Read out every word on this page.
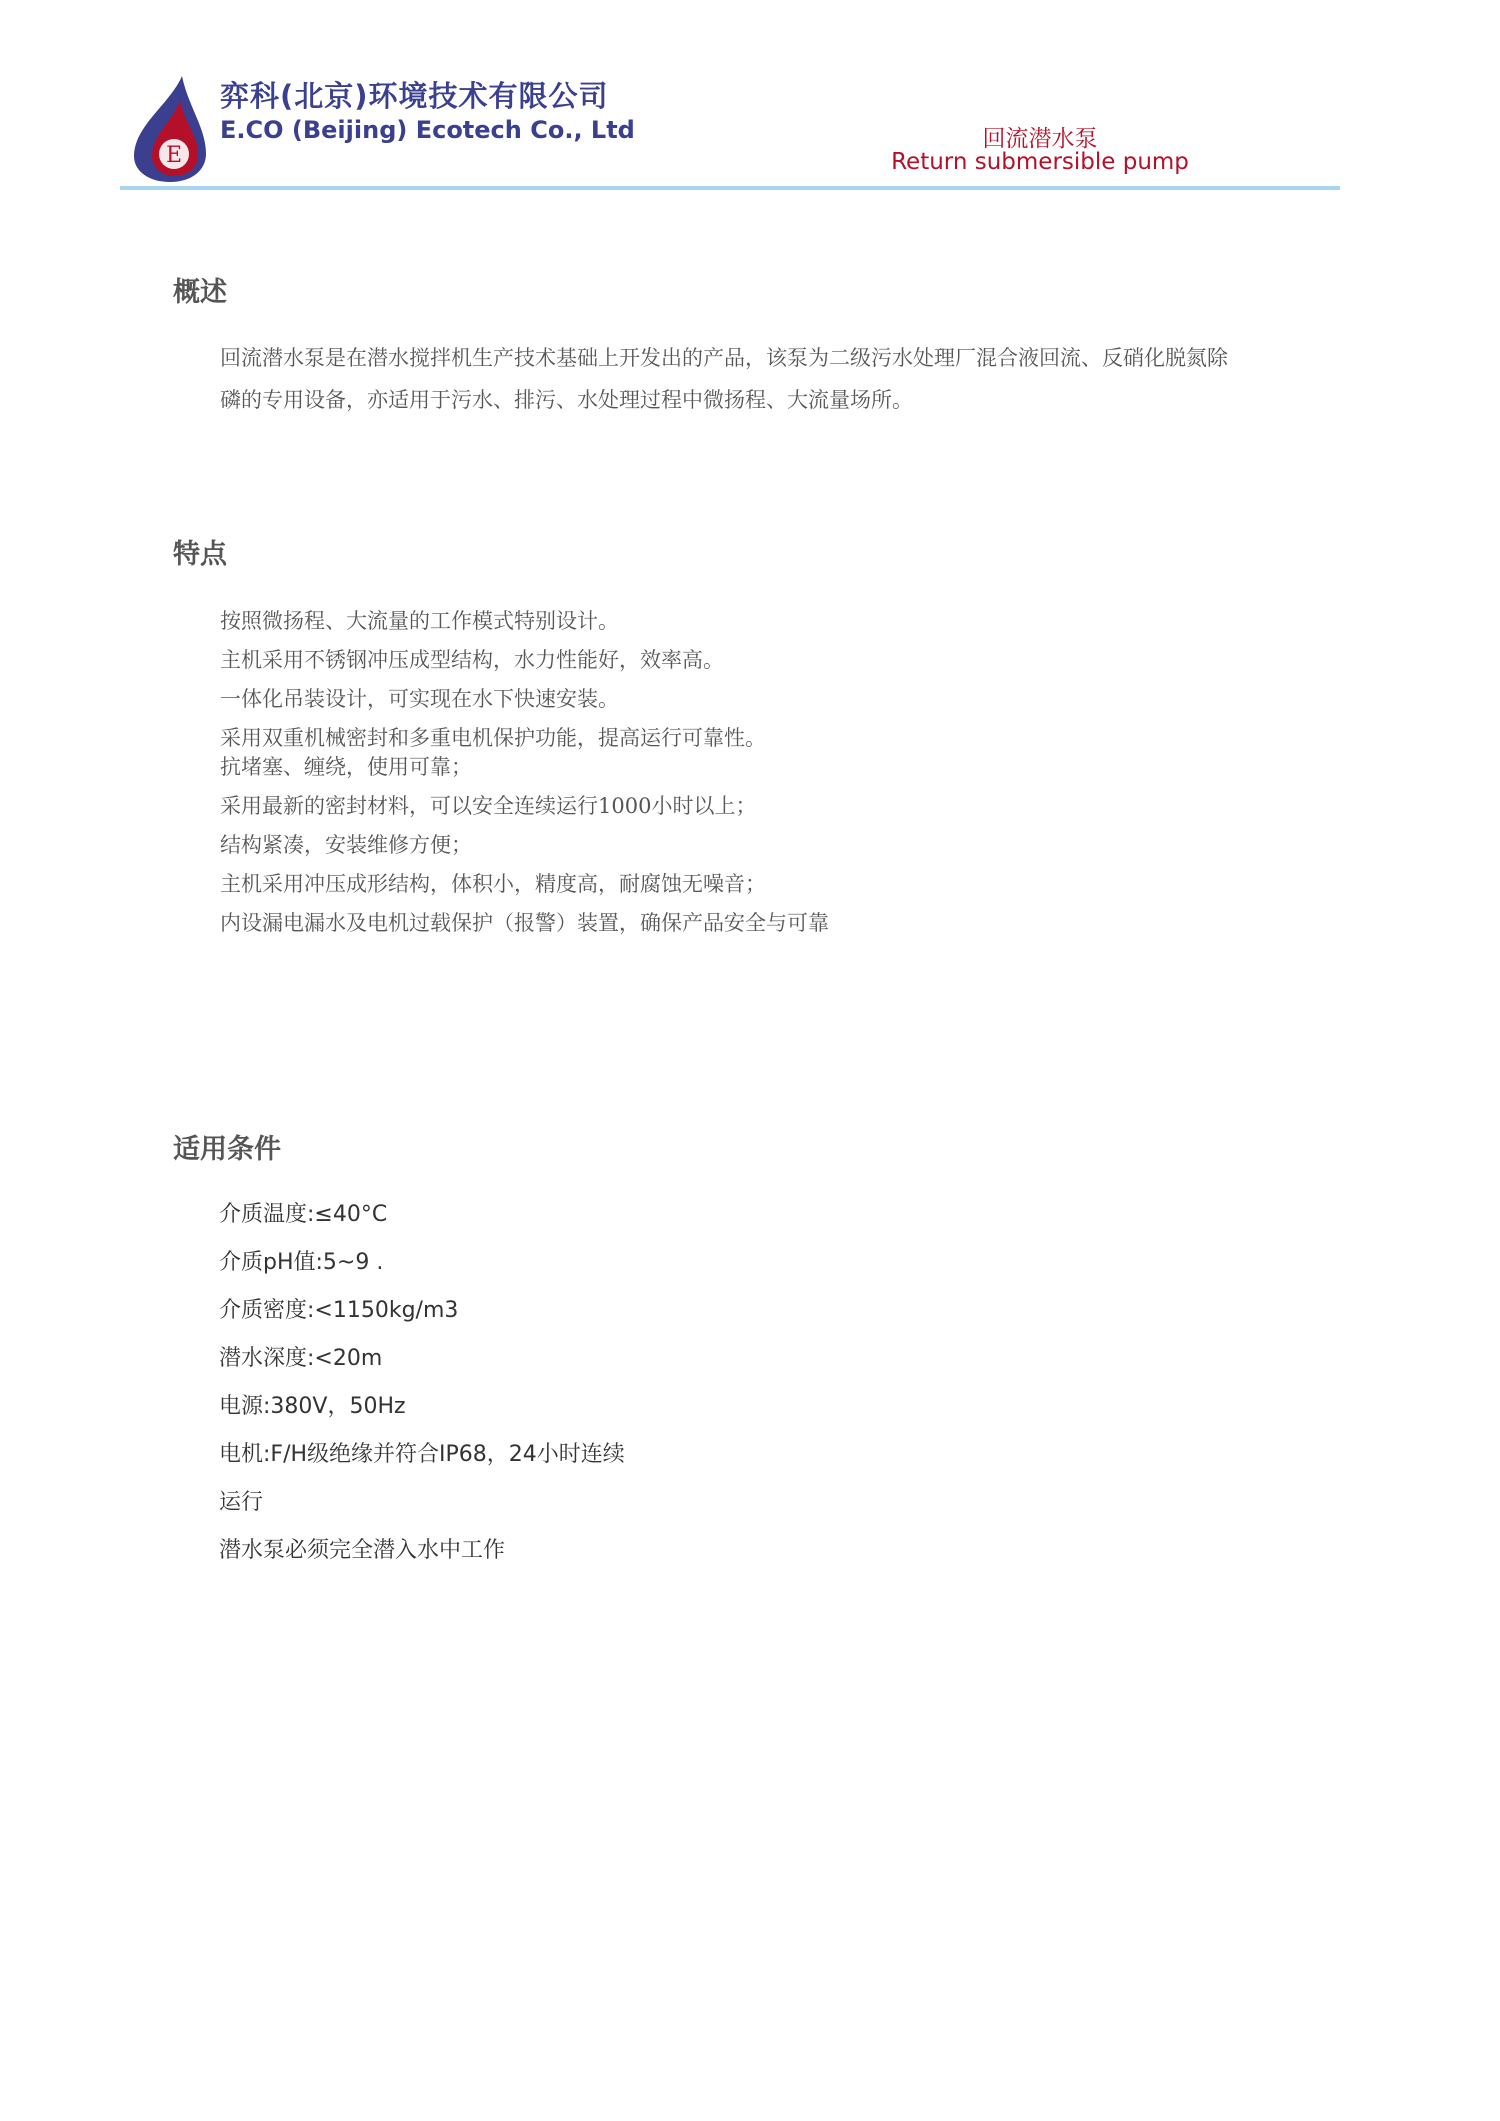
E
弈科(北京)环境技术有限公司
E.CO (Beijing) Ecotech Co., Ltd	回流潜水泵
Return submersible pump
概述
回流潜水泵是在潜水搅拌机生产技术基础上开发出的产品，该泵为二级污水处理厂混合液回流、反硝化脱氮除
磷的专用设备，亦适用于污水、排污、水处理过程中微扬程、大流量场所。
特点
按照微扬程、大流量的工作模式特别设计。
主机采用不锈钢冲压成型结构，水力性能好，效率高。
一体化吊装设计，可实现在水下快速安装。
采用双重机械密封和多重电机保护功能，提高运行可靠性。
抗堵塞、缠绕，使用可靠；
采用最新的密封材料，可以安全连续运行1000小时以上；
结构紧凑，安装维修方便；
主机采用冲压成形结构，体积小，精度高，耐腐蚀无噪音；
内设漏电漏水及电机过载保护（报警）装置，确保产品安全与可靠
适用条件
介质温度:≤40°C
介质pH值:5~9 .
介质密度:<1150kg/m3
潜水深度:<20m
电源:380V，50Hz
电机:F/H级绝缘并符合IP68，24小时连续
运行
潜水泵必须完全潜入水中工作
